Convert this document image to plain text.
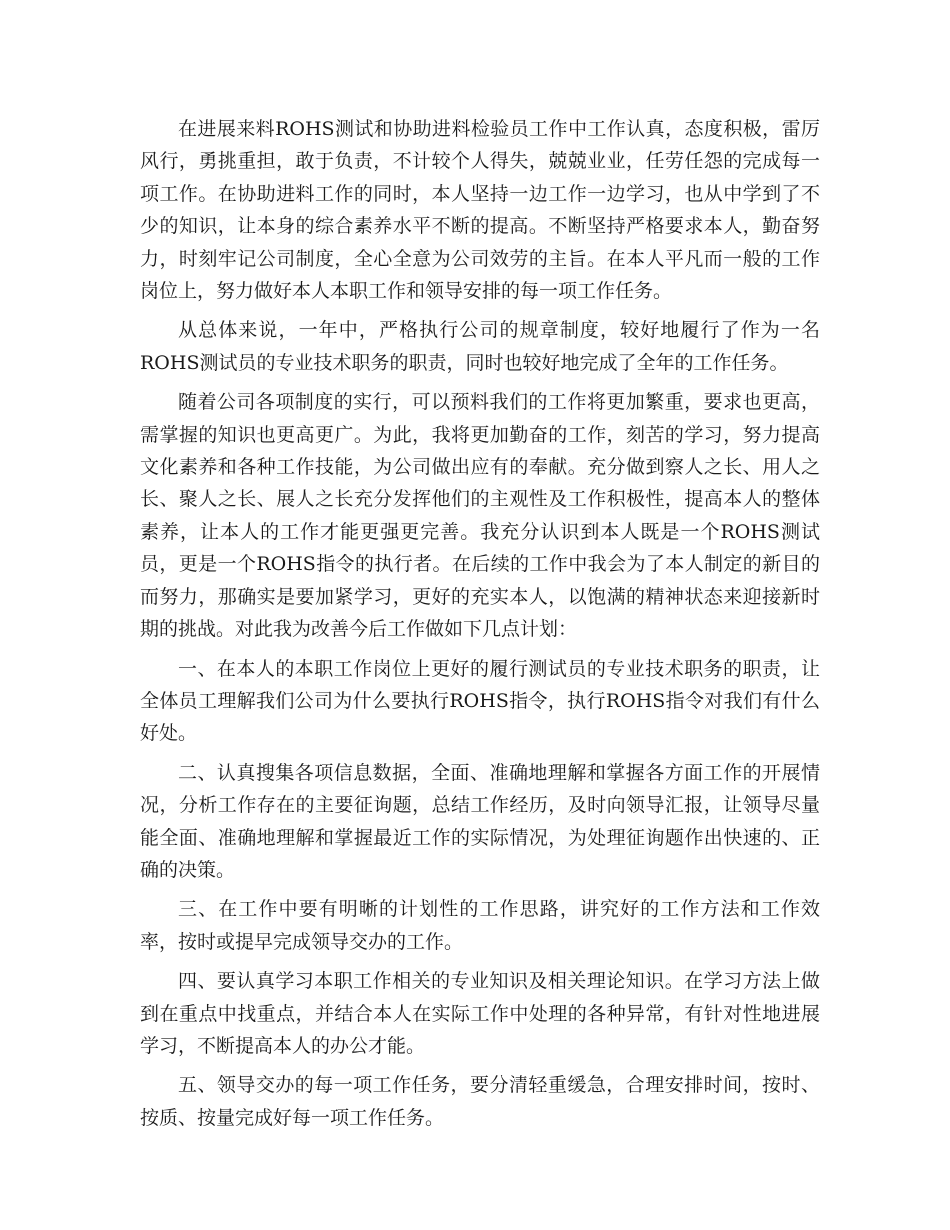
在进展来料ROHS测试和协助进料检验员工作中工作认真，态度积极，雷厉风行，勇挑重担，敢于负责，不计较个人得失，兢兢业业，任劳任怨的完成每一项工作。在协助进料工作的同时，本人坚持一边工作一边学习，也从中学到了不少的知识，让本身的综合素养水平不断的提高。不断坚持严格要求本人，勤奋努力，时刻牢记公司制度，全心全意为公司效劳的主旨。在本人平凡而一般的工作岗位上，努力做好本人本职工作和领导安排的每一项工作任务。

从总体来说，一年中，严格执行公司的规章制度，较好地履行了作为一名ROHS测试员的专业技术职务的职责，同时也较好地完成了全年的工作任务。

随着公司各项制度的实行，可以预料我们的工作将更加繁重，要求也更高，需掌握的知识也更高更广。为此，我将更加勤奋的工作，刻苦的学习，努力提高文化素养和各种工作技能，为公司做出应有的奉献。充分做到察人之长、用人之长、聚人之长、展人之长充分发挥他们的主观性及工作积极性，提高本人的整体素养，让本人的工作才能更强更完善。我充分认识到本人既是一个ROHS测试员，更是一个ROHS指令的执行者。在后续的工作中我会为了本人制定的新目的而努力，那确实是要加紧学习，更好的充实本人，以饱满的精神状态来迎接新时期的挑战。对此我为改善今后工作做如下几点计划：

一、在本人的本职工作岗位上更好的履行测试员的专业技术职务的职责，让全体员工理解我们公司为什么要执行ROHS指令，执行ROHS指令对我们有什么好处。

二、认真搜集各项信息数据，全面、准确地理解和掌握各方面工作的开展情况，分析工作存在的主要征询题，总结工作经历，及时向领导汇报，让领导尽量能全面、准确地理解和掌握最近工作的实际情况，为处理征询题作出快速的、正确的决策。

三、在工作中要有明晰的计划性的工作思路，讲究好的工作方法和工作效率，按时或提早完成领导交办的工作。

四、要认真学习本职工作相关的专业知识及相关理论知识。在学习方法上做到在重点中找重点，并结合本人在实际工作中处理的各种异常，有针对性地进展学习，不断提高本人的办公才能。

五、领导交办的每一项工作任务，要分清轻重缓急，合理安排时间，按时、按质、按量完成好每一项工作任务。
